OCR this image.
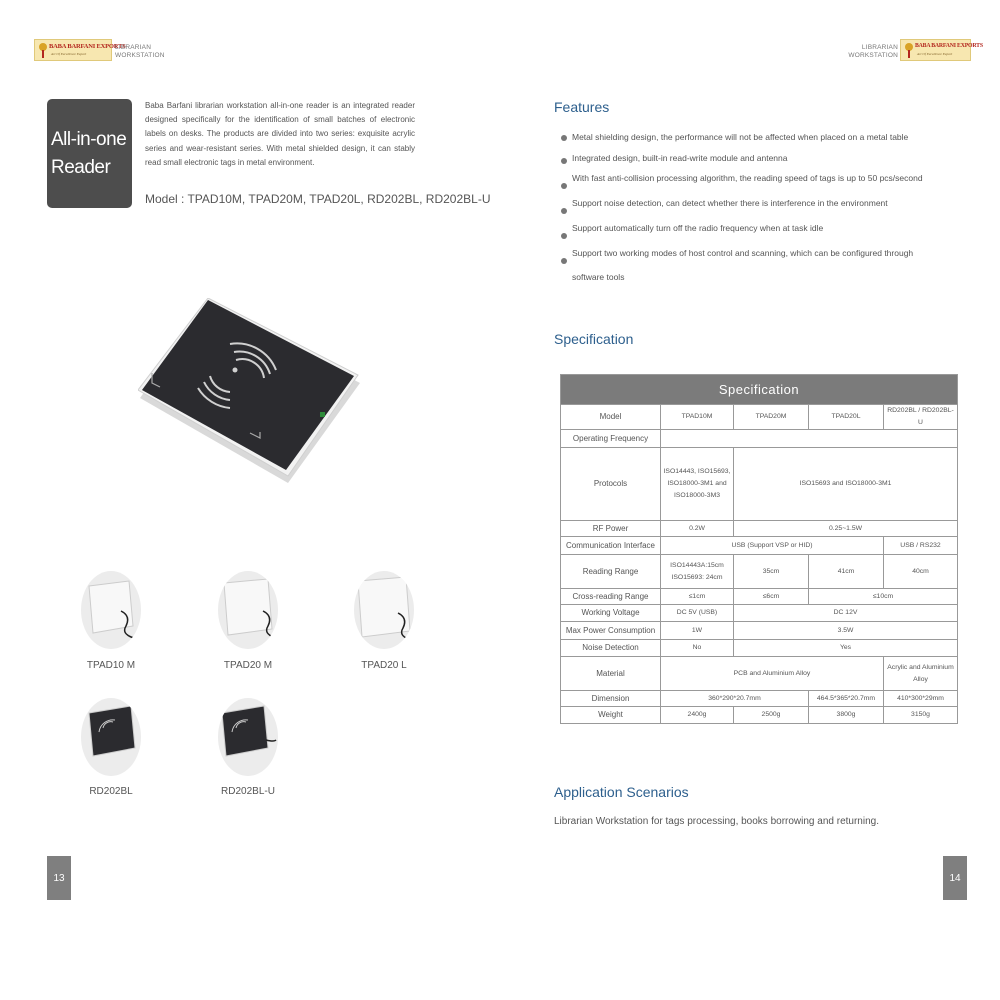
BABA BARFANI EXPORTS
Art Of Excellence Export
LIBRARIAN
WORKSTATION
LIBRARIAN
WORKSTATION
BABA BARFANI EXPORTS
Art Of Excellence Export
All-in-one
Reader
Baba Barfani librarian workstation all-in-one reader is an integrated reader designed specifically for the identification of small batches of electronic labels on desks. The products are divided into two series: exquisite acrylic series and wear-resistant series. With metal shielded design, it can stably read small electronic tags in metal environment.
Model : TPAD10M, TPAD20M, TPAD20L, RD202BL, RD202BL-U
TPAD10 M	TPAD20 M	TPAD20 L
RD202BL	RD202BL-U
13
Features
Metal shielding design, the performance will not be affected when placed on a metal table
Integrated design, built-in read-write module and antenna
With fast anti-collision processing algorithm, the reading speed of tags is up to 50 pcs/second
Support noise detection, can detect whether there is interference in the environment
Support automatically turn off the radio frequency when at task idle
Support two working modes of host control and scanning, which can be configured through
software tools
Specification
Specification				
Model	TPAD10M	TPAD20M	TPAD20L	RD202BL / RD202BL-U
Operating Frequency				
Protocols	ISO14443, ISO15693, ISO18000-3M1 and ISO18000-3M3	ISO15693 and ISO18000-3M1		
RF Power	0.2W	0.25~1.5W		
Communication Interface	USB (Support VSP or HID)			USB / RS232
Reading Range	ISO14443A:15cm ISO15693: 24cm	35cm	41cm	40cm
Cross-reading Range	≤1cm	≤6cm	≤10cm	
Working Voltage	DC 5V (USB)	DC 12V		
Max Power Consumption	1W	3.5W		
Noise Detection	No	Yes		
Material	PCB and Aluminium Alloy			Acrylic and Aluminium Alloy
Dimension	360*290*20.7mm		464.5*365*20.7mm	410*300*29mm
Weight	2400g	2500g	3800g	3150g
Application Scenarios
Librarian Workstation for tags processing, books borrowing and returning.
14
